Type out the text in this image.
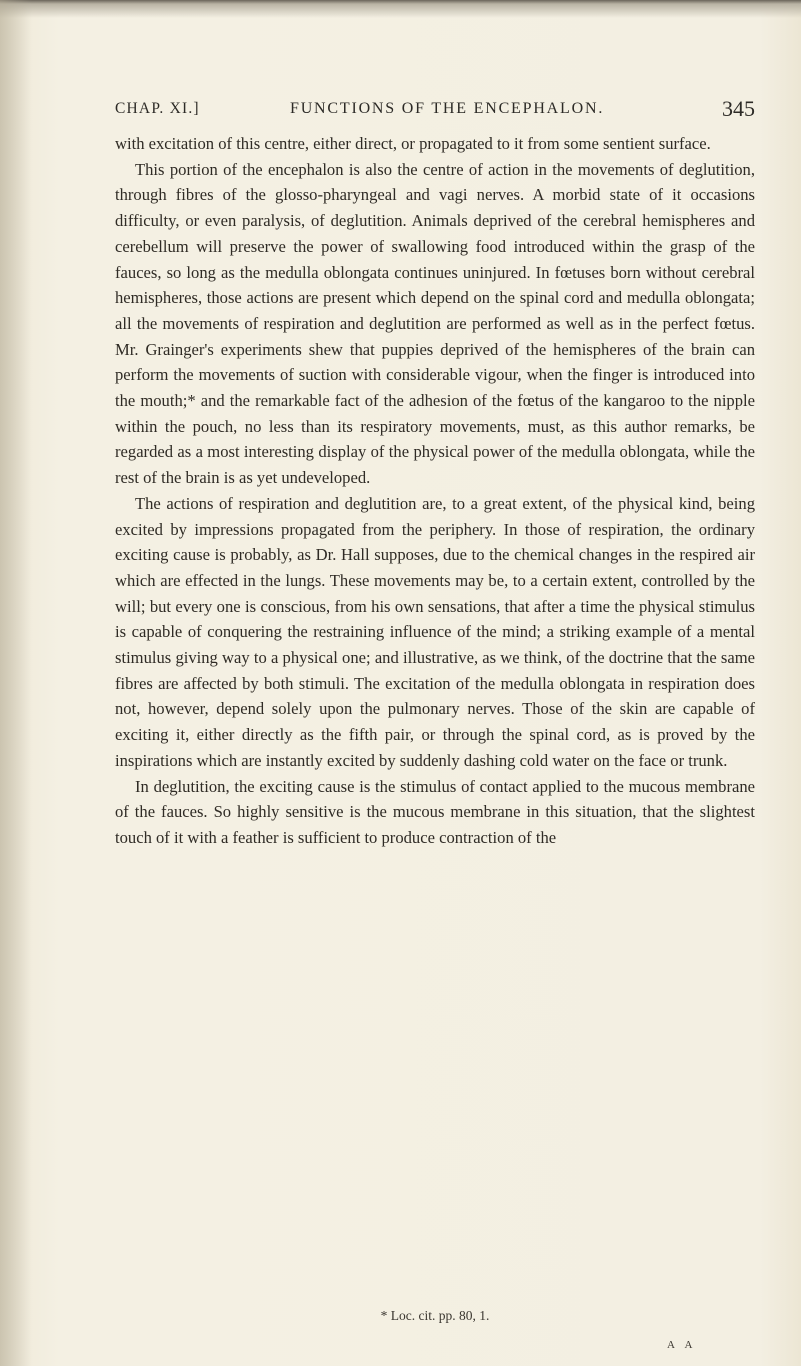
CHAP. XI.]	FUNCTIONS OF THE ENCEPHALON.	345

with excitation of this centre, either direct, or propagated to it from some sentient surface.

This portion of the encephalon is also the centre of action in the movements of deglutition, through fibres of the glosso-pharyngeal and vagi nerves. A morbid state of it occasions difficulty, or even paralysis, of deglutition. Animals deprived of the cerebral hemispheres and cerebellum will preserve the power of swallowing food introduced within the grasp of the fauces, so long as the medulla oblongata continues uninjured. In fœtuses born without cerebral hemispheres, those actions are present which depend on the spinal cord and medulla oblongata; all the movements of respiration and deglutition are performed as well as in the perfect fœtus. Mr. Grainger's experiments shew that puppies deprived of the hemispheres of the brain can perform the movements of suction with considerable vigour, when the finger is introduced into the mouth;* and the remarkable fact of the adhesion of the fœtus of the kangaroo to the nipple within the pouch, no less than its respiratory movements, must, as this author remarks, be regarded as a most interesting display of the physical power of the medulla oblongata, while the rest of the brain is as yet undeveloped.

The actions of respiration and deglutition are, to a great extent, of the physical kind, being excited by impressions propagated from the periphery. In those of respiration, the ordinary exciting cause is probably, as Dr. Hall supposes, due to the chemical changes in the respired air which are effected in the lungs. These movements may be, to a certain extent, controlled by the will; but every one is conscious, from his own sensations, that after a time the physical stimulus is capable of conquering the restraining influence of the mind; a striking example of a mental stimulus giving way to a physical one; and illustrative, as we think, of the doctrine that the same fibres are affected by both stimuli. The excitation of the medulla oblongata in respiration does not, however, depend solely upon the pulmonary nerves. Those of the skin are capable of exciting it, either directly as the fifth pair, or through the spinal cord, as is proved by the inspirations which are instantly excited by suddenly dashing cold water on the face or trunk.

In deglutition, the exciting cause is the stimulus of contact applied to the mucous membrane of the fauces. So highly sensitive is the mucous membrane in this situation, that the slightest touch of it with a feather is sufficient to produce contraction of the

* Loc. cit. pp. 80, 1.
A A
